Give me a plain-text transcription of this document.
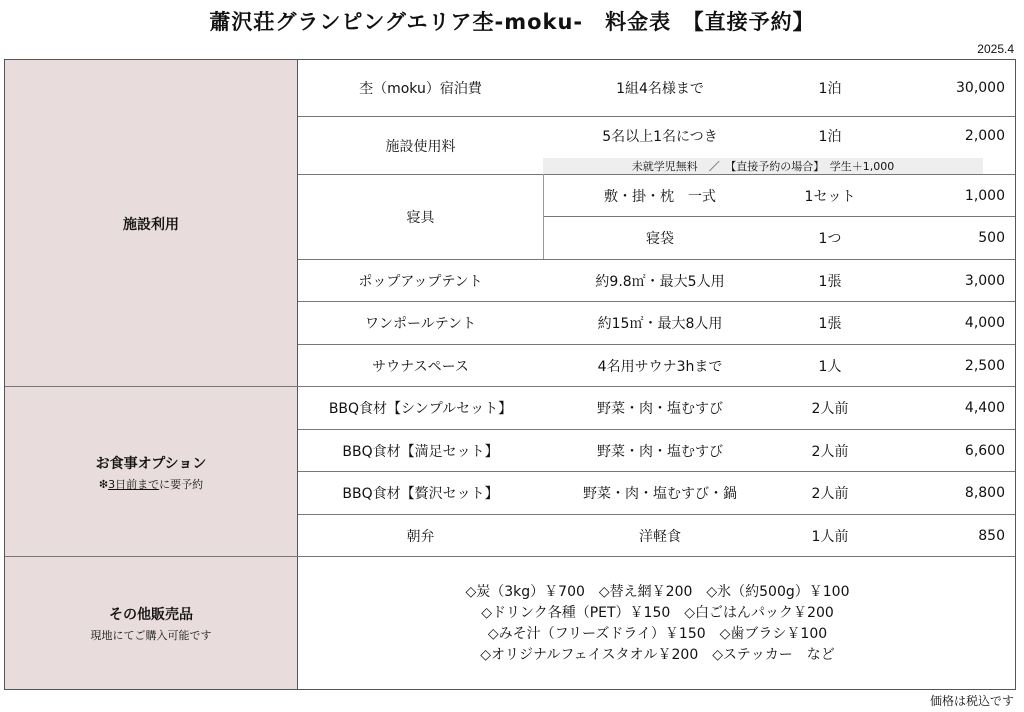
蕭沢荘グランピングエリア杢-moku-　料金表　【直接予約】
2025.4
施設利用
お食事オプション
❇3日前までに要予約
その他販売品
現地にてご購入可能です
杢（moku）宿泊費	1組4名様まで	1泊	30,000
施設使用料
5名以上1名につき	1泊	2,000
未就学児無料　／　【直接予約の場合】　学生＋1,000
寝具
敷・掛・枕　一式	1セット	1,000
寝袋	1つ	500
ポップアップテント	約9.8㎡・最大5人用	1張	3,000
ワンポールテント	約15㎡・最大8人用	1張	4,000
サウナスペース	4名用サウナ3hまで	1人	2,500
BBQ食材【シンプルセット】	野菜・肉・塩むすび	2人前	4,400
BBQ食材【満足セット】	野菜・肉・塩むすび	2人前	6,600
BBQ食材【贅沢セット】	野菜・肉・塩むすび・鍋	2人前	8,800
朝弁	洋軽食	1人前	850
◇炭（3kg）￥700　◇替え網￥200　◇氷（約500g）￥100
◇ドリンク各種（PET）￥150　◇白ごはんパック￥200
◇みそ汁（フリーズドライ）￥150　◇歯ブラシ￥100
◇オリジナルフェイスタオル￥200　◇ステッカー　など
価格は税込です
